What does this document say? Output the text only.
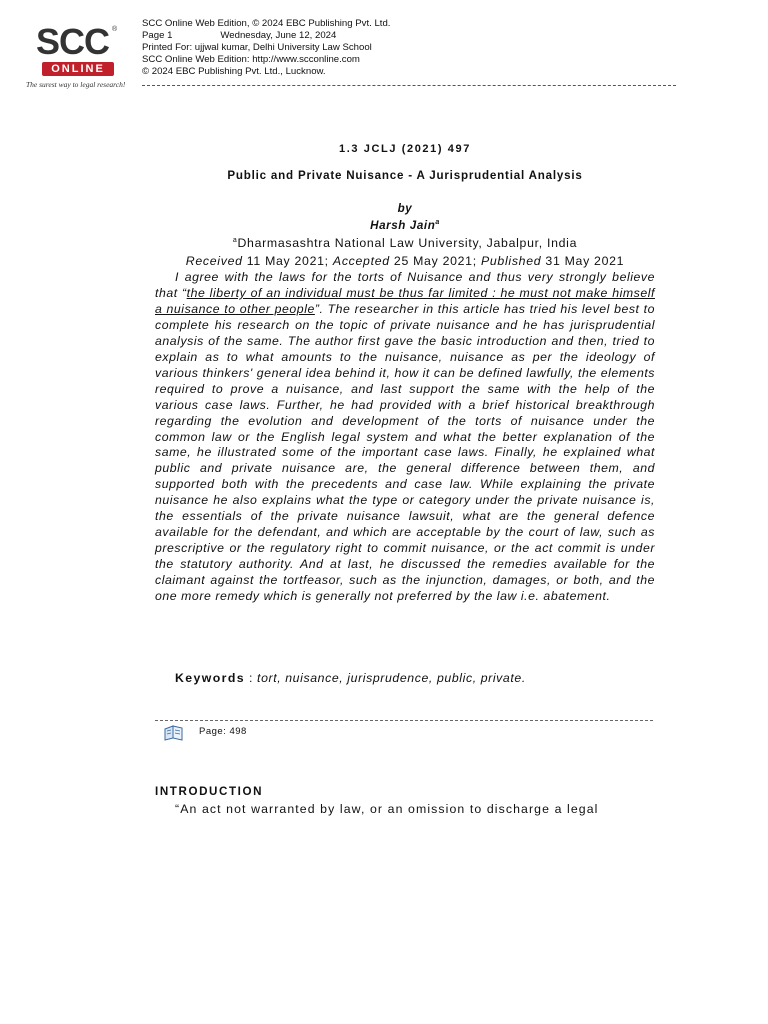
SCC ®
ONLINE
The surest way to legal research!
SCC Online Web Edition, © 2024 EBC Publishing Pvt. Ltd.
Page 1	Wednesday, June 12, 2024
Printed For: ujjwal kumar, Delhi University Law School
SCC Online Web Edition: http://www.scconline.com
© 2024 EBC Publishing Pvt. Ltd., Lucknow.
1.3 JCLJ (2021) 497
Public and Private Nuisance - A Jurisprudential Analysis
by
Harsh Jain$^a$
$^a$Dharmasashtra National Law University, Jabalpur, India
Received 11 May 2021; Accepted 25 May 2021; Published 31 May 2021
I agree with the laws for the torts of Nuisance and thus very strongly believe that “the liberty of an individual must be thus far limited : he must not make himself a nuisance to other people”. The researcher in this article has tried his level best to complete his research on the topic of private nuisance and he has jurisprudential analysis of the same. The author first gave the basic introduction and then, tried to explain as to what amounts to the nuisance, nuisance as per the ideology of various thinkers' general idea behind it, how it can be defined lawfully, the elements required to prove a nuisance, and last support the same with the help of the various case laws. Further, he had provided with a brief historical breakthrough regarding the evolution and development of the torts of nuisance under the common law or the English legal system and what the better explanation of the same, he illustrated some of the important case laws. Finally, he explained what public and private nuisance are, the general difference between them, and supported both with the precedents and case law. While explaining the private nuisance he also explains what the type or category under the private nuisance is, the essentials of the private nuisance lawsuit, what are the general defence available for the defendant, and which are acceptable by the court of law, such as prescriptive or the regulatory right to commit nuisance, or the act commit is under the statutory authority. And at last, he discussed the remedies available for the claimant against the tortfeasor, such as the injunction, damages, or both, and the one more remedy which is generally not preferred by the law i.e. abatement.
Keywords : tort, nuisance, jurisprudence, public, private.
Page: 498
INTRODUCTION
“An act not warranted by law, or an omission to discharge a legal
